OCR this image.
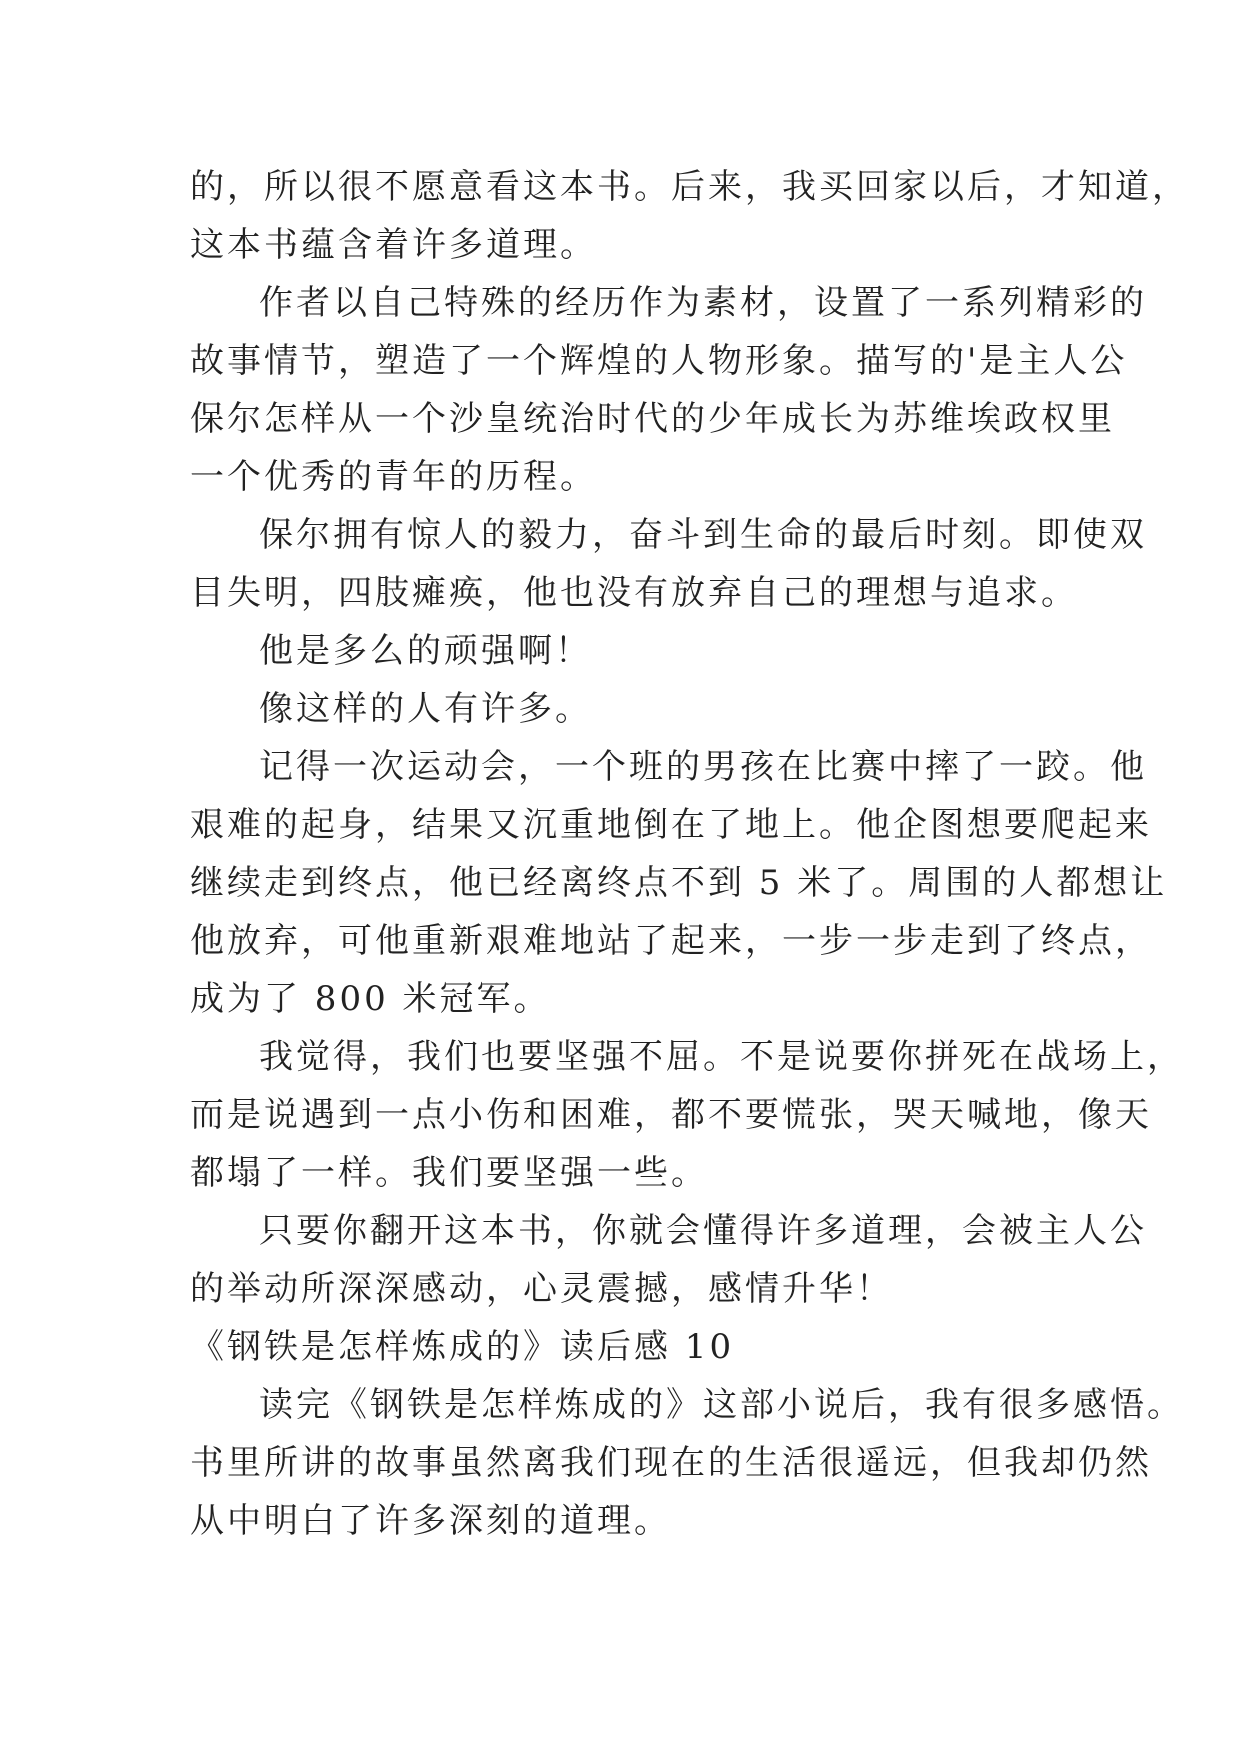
的，所以很不愿意看这本书。后来，我买回家以后，才知道，
这本书蕴含着许多道理。
作者以自己特殊的经历作为素材，设置了一系列精彩的
故事情节，塑造了一个辉煌的人物形象。描写的'是主人公
保尔怎样从一个沙皇统治时代的少年成长为苏维埃政权里
一个优秀的青年的历程。
保尔拥有惊人的毅力，奋斗到生命的最后时刻。即使双
目失明，四肢瘫痪，他也没有放弃自己的理想与追求。
他是多么的顽强啊！
像这样的人有许多。
记得一次运动会，一个班的男孩在比赛中摔了一跤。他
艰难的起身，结果又沉重地倒在了地上。他企图想要爬起来
继续走到终点，他已经离终点不到 5 米了。周围的人都想让
他放弃，可他重新艰难地站了起来，一步一步走到了终点，
成为了 800 米冠军。
我觉得，我们也要坚强不屈。不是说要你拼死在战场上，
而是说遇到一点小伤和困难，都不要慌张，哭天喊地，像天
都塌了一样。我们要坚强一些。
只要你翻开这本书，你就会懂得许多道理，会被主人公
的举动所深深感动，心灵震撼，感情升华！
《钢铁是怎样炼成的》读后感 10
读完《钢铁是怎样炼成的》这部小说后，我有很多感悟。
书里所讲的故事虽然离我们现在的生活很遥远，但我却仍然
从中明白了许多深刻的道理。
